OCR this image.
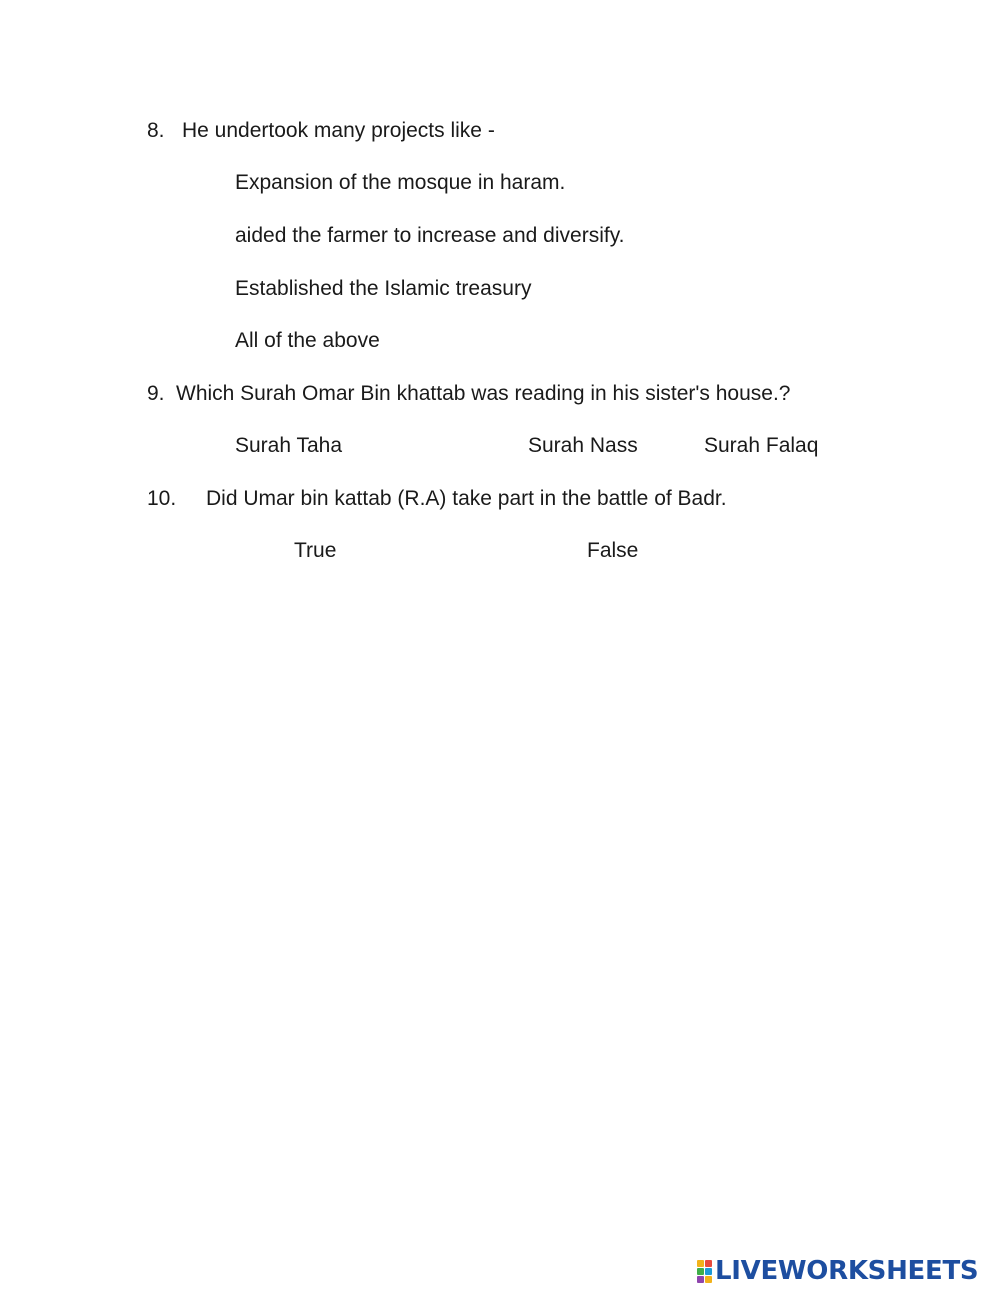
8. He undertook many projects like -
Expansion of the mosque in haram.
aided the farmer to increase and diversify.
Established the Islamic treasury
All of the above
9. Which Surah Omar Bin khattab was reading in his sister's house.?
Surah Taha	Surah Nass	Surah Falaq
10. Did Umar bin kattab (R.A) take part in the battle of Badr.
True	False
LIVEWORKSHEETS
